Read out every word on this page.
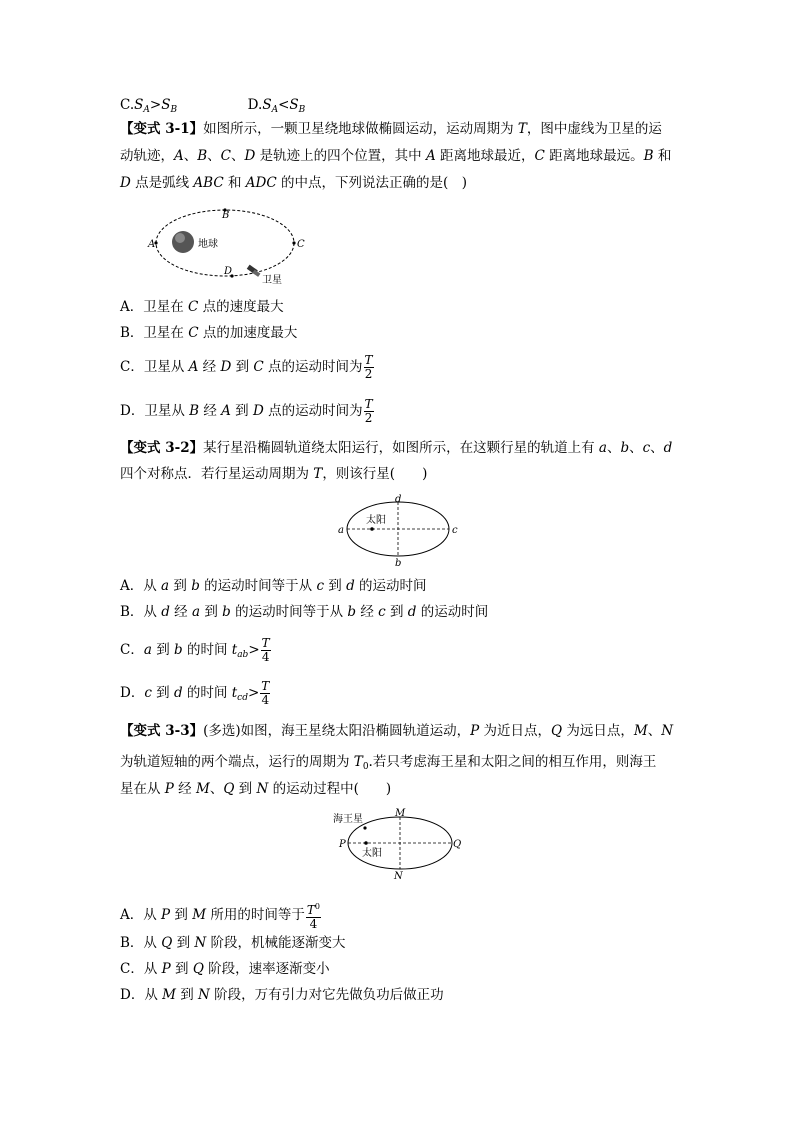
$C.S_A>S_B$	$D.S_A<S_B$
【变式 3-1】如图所示，一颗卫星绕地球做椭圆运动，运动周期为 T，图中虚线为卫星的运
动轨迹，A、B、C、D 是轨迹上的四个位置，其中 A 距离地球最近，C 距离地球最远。B 和
D 点是弧线 ABC 和 ADC 的中点，下列说法正确的是(　)
A
B
C
D
地球
卫星
A．卫星在 C 点的速度最大
B．卫星在 C 点的加速度最大
C．卫星从 A 经 D 到 C 点的运动时间为 $\frac{T}{2}$
D．卫星从 B 经 A 到 D 点的运动时间为 $\frac{T}{2}$
【变式 3-2】某行星沿椭圆轨道绕太阳运行，如图所示，在这颗行星的轨道上有 a、b、c、d
四个对称点．若行星运动周期为 T，则该行星(　　)
a
d
c
b
太阳
A．从 a 到 b 的运动时间等于从 c 到 d 的运动时间
B．从 d 经 a 到 b 的运动时间等于从 b 经 c 到 d 的运动时间
C．a 到 b 的时间 $t_{ab}> \frac{T}{4}$
D．c 到 d 的时间 $t_{cd}> \frac{T}{4}$
【变式 3-3】(多选)如图，海王星绕太阳沿椭圆轨道运动，P 为近日点，Q 为远日点，M、N
为轨道短轴的两个端点，运行的周期为 $T_0$.若只考虑海王星和太阳之间的相互作用，则海王
星在从 P 经 M、Q 到 N 的运动过程中(　　)
海王星
M
P	Q
N
太阳
A．从 P 到 M 所用的时间等于 $\frac{T^0}{4}$
B．从 Q 到 N 阶段，机械能逐渐变大
C．从 P 到 Q 阶段，速率逐渐变小
D．从 M 到 N 阶段，万有引力对它先做负功后做正功
